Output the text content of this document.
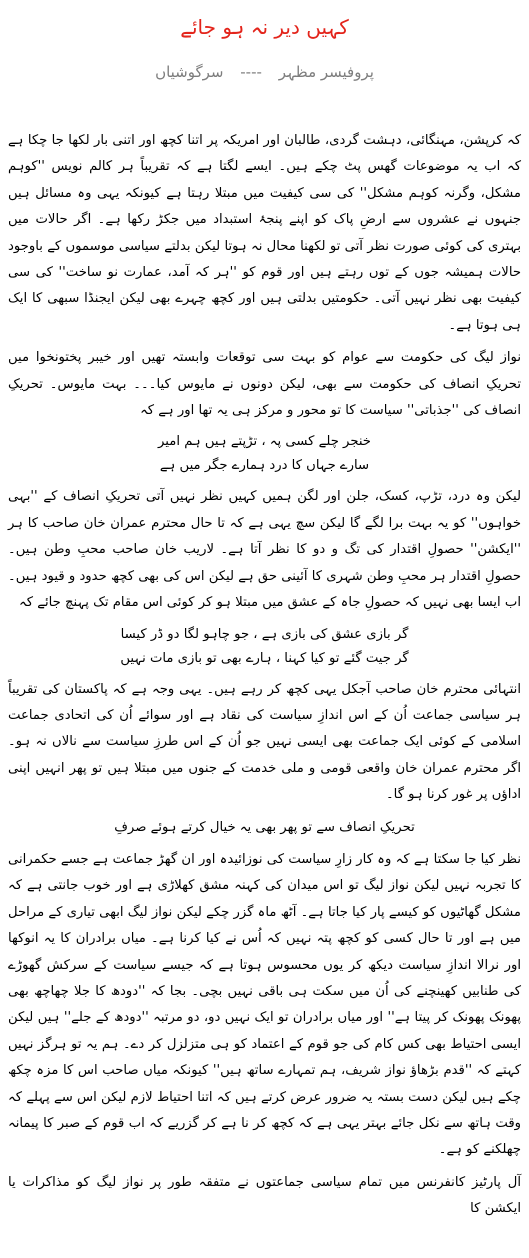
کہیں دیر نہ ہو جائے
پروفیسر مظہر ---- سرگوشیاں

کہ کرپشن، مہنگائی، دہشت گردی، طالبان اور امریکہ پر اتنا کچھ اور اتنی بار لکھا جا چکا ہے کہ اب یہ موضوعات گھس پٹ چکے ہیں۔ ایسے لگتا ہے کہ تقریباً ہر کالم نویس ''کوہم مشکل، وگرنہ کوہم مشکل'' کی سی کیفیت میں مبتلا رہتا ہے کیونکہ یہی وہ مسائل ہیں جنہوں نے عشروں سے ارضِ پاک کو اپنے پنجۂ استبداد میں جکڑ رکھا ہے۔ اگر حالات میں بہتری کی کوئی صورت نظر آتی تو لکھنا محال نہ ہوتا لیکن بدلتے سیاسی موسموں کے باوجود حالات ہمیشہ جوں کے توں رہتے ہیں اور قوم کو ''ہر کہ آمد، عمارت نو ساخت'' کی سی کیفیت بھی نظر نہیں آتی۔ حکومتیں بدلتی ہیں اور کچھ چہرے بھی لیکن ایجنڈا سبھی کا ایک ہی ہوتا ہے۔

نواز لیگ کی حکومت سے عوام کو بہت سی توقعات وابستہ تھیں اور خیبر پختونخوا میں تحریکِ انصاف کی حکومت سے بھی، لیکن دونوں نے مایوس کیا۔۔۔ بہت مایوس۔ تحریکِ انصاف کی ''جذباتی'' سیاست کا تو محور و مرکز ہی یہ تھا اور ہے کہ

خنجر چلے کسی پہ ، تڑپتے ہیں ہم امیر
سارے جہاں کا درد ہمارے جگر میں ہے

لیکن وہ درد، تڑپ، کسک، جلن اور لگن ہمیں کہیں نظر نہیں آتی تحریکِ انصاف کے ''بہی خواہوں'' کو یہ بہت برا لگے گا لیکن سچ یہی ہے کہ تا حال محترم عمران خان صاحب کا ہر ''ایکشن'' حصولِ اقتدار کی تگ و دو کا نظر آتا ہے۔ لاریب خان صاحب محبِ وطن ہیں۔ حصولِ اقتدار ہر محبِ وطن شہری کا آئینی حق ہے لیکن اس کی بھی کچھ حدود و قیود ہیں۔ اب ایسا بھی نہیں کہ حصولِ جاہ کے عشق میں مبتلا ہو کر کوئی اس مقام تک پہنچ جائے کہ

گر بازی عشق کی بازی ہے ، جو چاہو لگا دو ڈر کیسا
گر جیت گئے تو کیا کہنا ، ہارے بھی تو بازی مات نہیں

انتہائی محترم خان صاحب آجکل یہی کچھ کر رہے ہیں۔ یہی وجہ ہے کہ پاکستان کی تقریباً ہر سیاسی جماعت اُن کے اس اندازِ سیاست کی نقاد ہے اور سوائے اُن کی اتحادی جماعت اسلامی کے کوئی ایک جماعت بھی ایسی نہیں جو اُن کے اس طرزِ سیاست سے نالاں نہ ہو۔ اگر محترم عمران خان واقعی قومی و ملی خدمت کے جنوں میں مبتلا ہیں تو پھر انہیں اپنی اداؤں پر غور کرنا ہو گا۔

تحریکِ انصاف سے تو پھر بھی یہ خیال کرتے ہوئے صرفِ

نظر کیا جا سکتا ہے کہ وہ کار زارِ سیاست کی نوزائیدہ اور ان گھڑ جماعت ہے جسے حکمرانی کا تجربہ نہیں لیکن نواز لیگ تو اس میدان کی کہنہ مشق کھلاڑی ہے اور خوب جانتی ہے کہ مشکل گھاٹیوں کو کیسے پار کیا جاتا ہے۔ آٹھ ماہ گزر چکے لیکن نواز لیگ ابھی تیاری کے مراحل میں ہے اور تا حال کسی کو کچھ پتہ نہیں کہ اُس نے کیا کرنا ہے۔ میاں برادران کا یہ انوکھا اور نرالا اندازِ سیاست دیکھ کر یوں محسوس ہوتا ہے کہ جیسے سیاست کے سرکش گھوڑے کی طنابیں کھینچنے کی اُن میں سکت ہی باقی نہیں بچی۔ بجا کہ ''دودھ کا جلا چھاچھ بھی پھونک پھونک کر پیتا ہے'' اور میاں برادران تو ایک نہیں دو، دو مرتبہ ''دودھ کے جلے'' ہیں لیکن ایسی احتیاط بھی کس کام کی جو قوم کے اعتماد کو ہی متزلزل کر دے۔ ہم یہ تو ہرگز نہیں کہتے کہ ''قدم بڑھاؤ نواز شریف، ہم تمہارے ساتھ ہیں'' کیونکہ میاں صاحب اس کا مزہ چکھ چکے ہیں لیکن دست بستہ یہ ضرور عرض کرتے ہیں کہ اتنا احتیاط لازم لیکن اس سے پہلے کہ وقت ہاتھ سے نکل جائے بہتر یہی ہے کہ کچھ کر نا ہے کر گزریے کہ اب قوم کے صبر کا پیمانہ چھلکنے کو ہے۔

آل پارٹیز کانفرنس میں تمام سیاسی جماعتوں نے متفقہ طور پر نواز لیگ کو مذاکرات یا ایکشن کا
